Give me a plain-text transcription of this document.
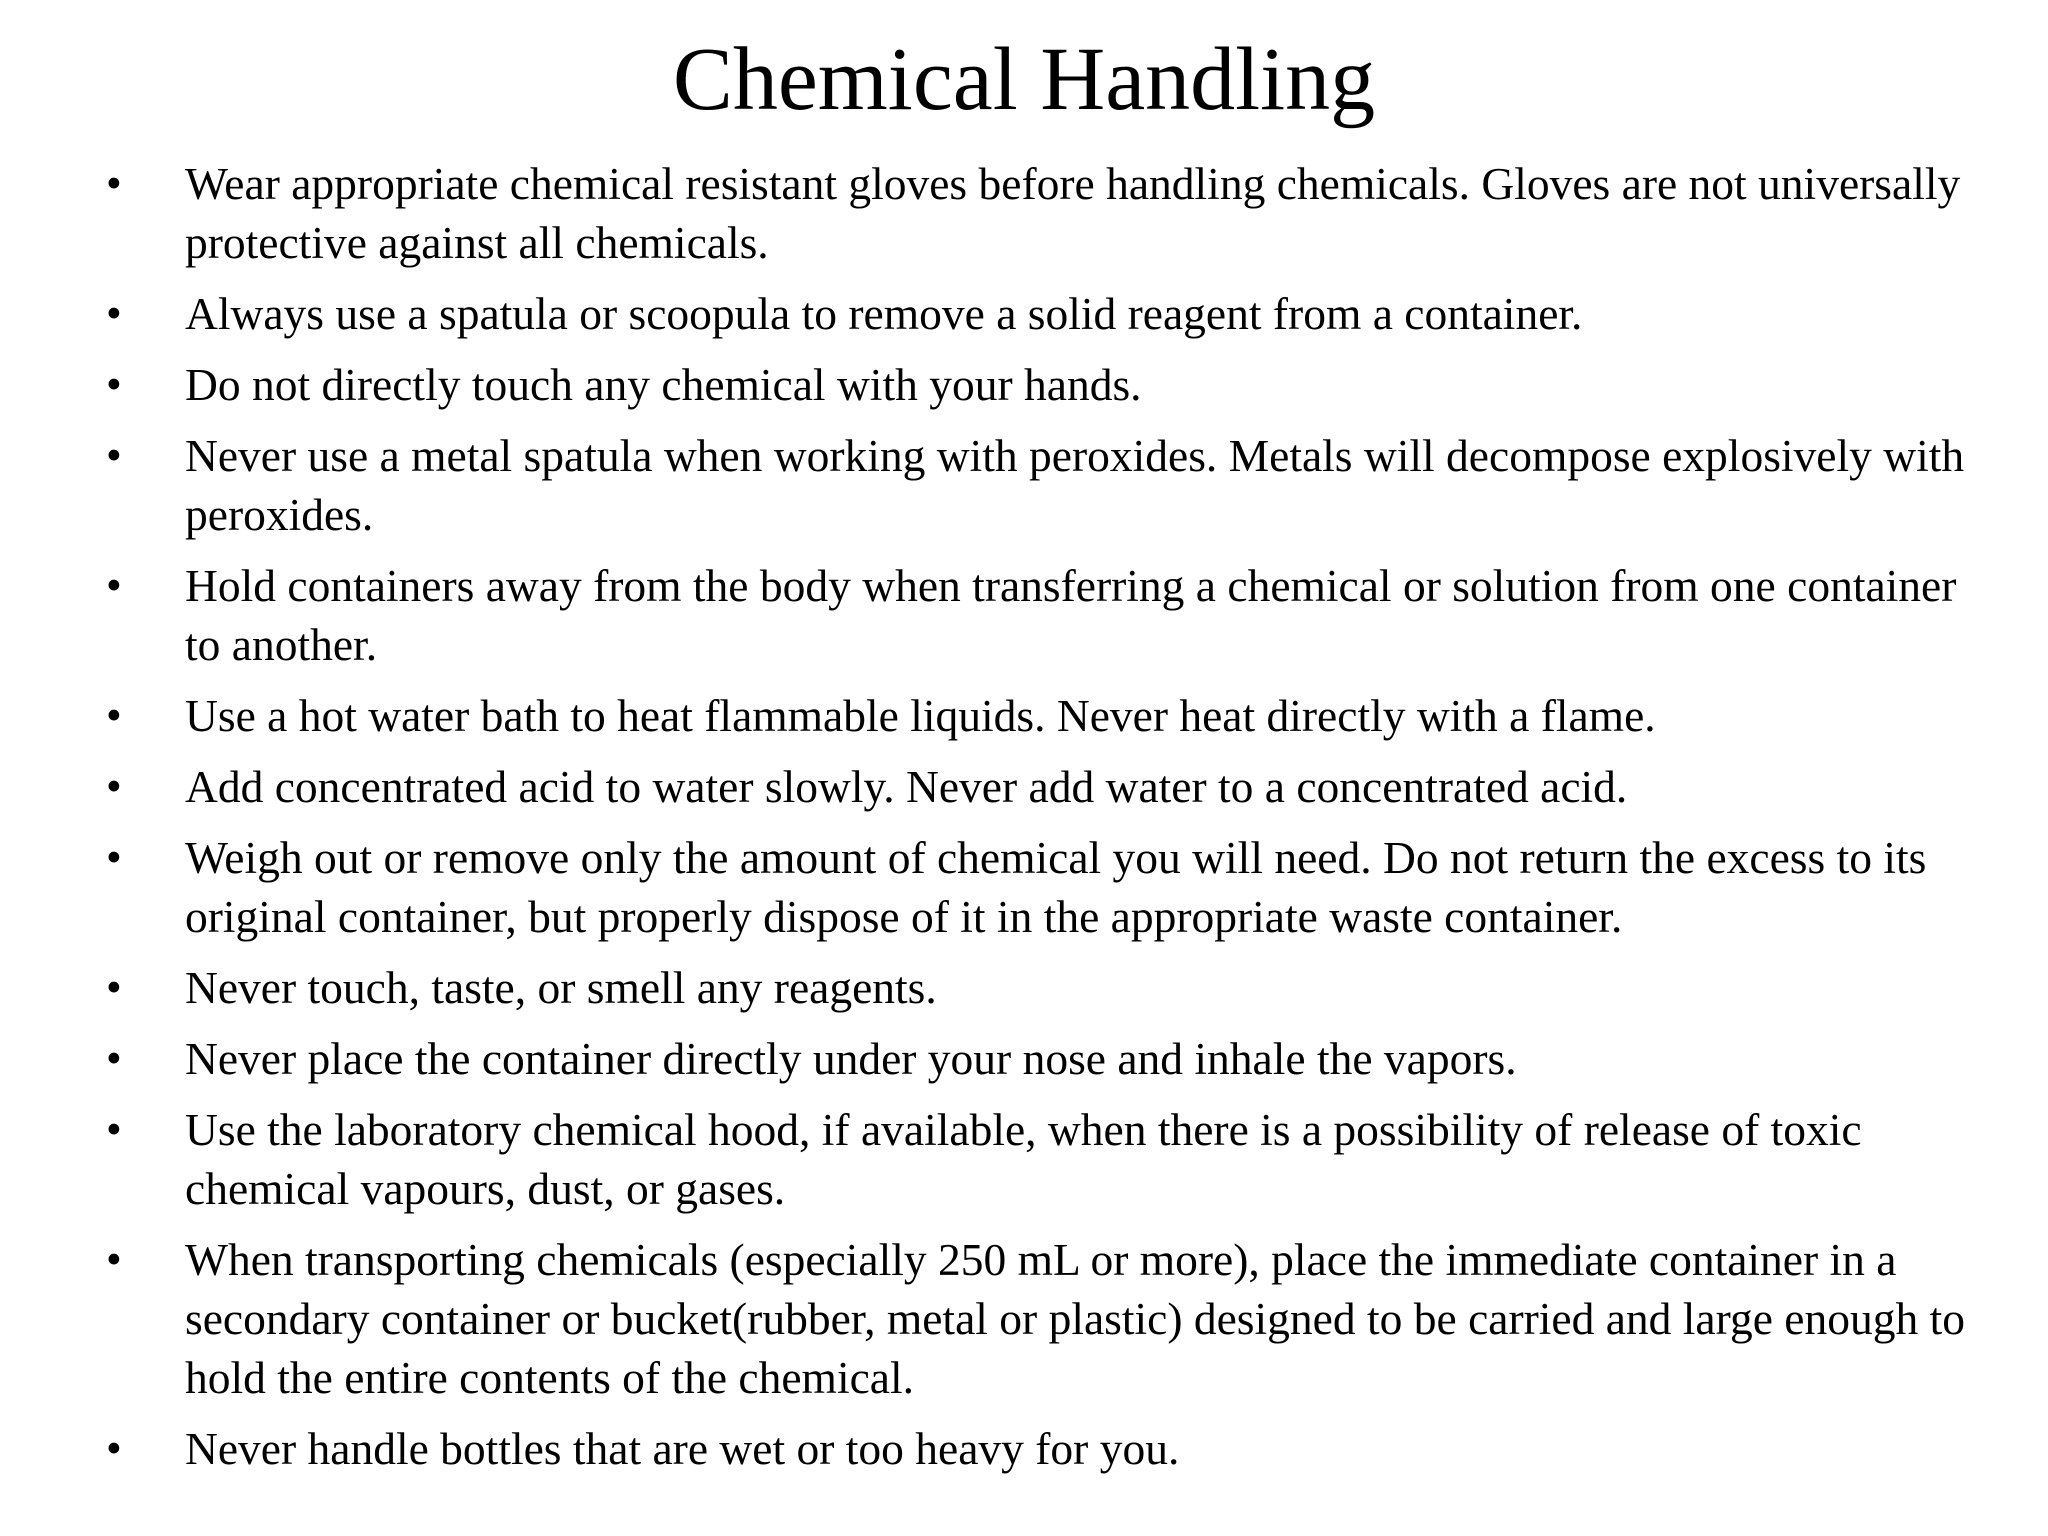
Chemical Handling
•	Wear appropriate chemical resistant gloves before handling chemicals. Gloves are not universally protective against all chemicals.
•	Always use a spatula or scoopula to remove a solid reagent from a container.
•	Do not directly touch any chemical with your hands.
•	Never use a metal spatula when working with peroxides. Metals will decompose explosively with peroxides.
•	Hold containers away from the body when transferring a chemical or solution from one container to another.
•	Use a hot water bath to heat flammable liquids. Never heat directly with a flame.
•	Add concentrated acid to water slowly. Never add water to a concentrated acid.
•	Weigh out or remove only the amount of chemical you will need. Do not return the excess to its original container, but properly dispose of it in the appropriate waste container.
•	Never touch, taste, or smell any reagents.
•	Never place the container directly under your nose and inhale the vapors.
•	Use the laboratory chemical hood, if available, when there is a possibility of release of toxic chemical vapours, dust, or gases.
•	When transporting chemicals (especially 250 mL or more), place the immediate container in a secondary container or bucket(rubber, metal or plastic) designed to be carried and large enough to hold the entire contents of the chemical.
•	Never handle bottles that are wet or too heavy for you.
